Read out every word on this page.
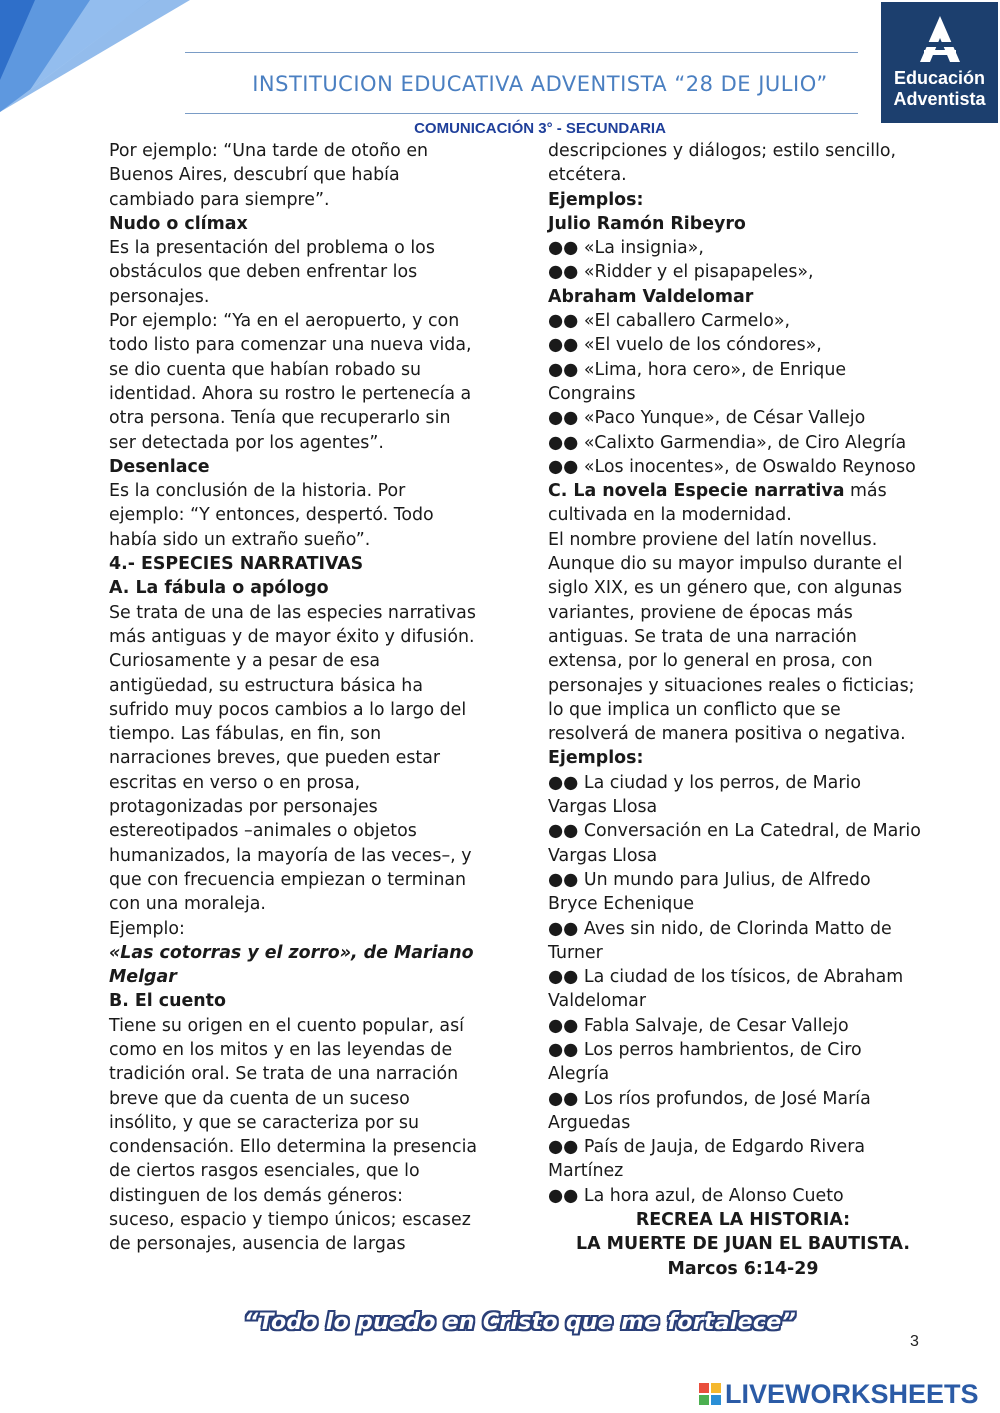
INSTITUCION EDUCATIVA ADVENTISTA “28 DE JULIO”
COMUNICACIÓN 3° - SECUNDARIA
Educación
Adventista

Por ejemplo: “Una tarde de otoño en

Buenos Aires, descubrí que había

cambiado para siempre”.

Nudo o clímax

Es la presentación del problema o los

obstáculos que deben enfrentar los

personajes.

Por ejemplo: “Ya en el aeropuerto, y con

todo listo para comenzar una nueva vida,

se dio cuenta que habían robado su

identidad. Ahora su rostro le pertenecía a

otra persona. Tenía que recuperarlo sin

ser detectada por los agentes”.

Desenlace

Es la conclusión de la historia. Por

ejemplo: “Y entonces, despertó. Todo

había sido un extraño sueño”.

4.- ESPECIES NARRATIVAS

A. La fábula o apólogo

Se trata de una de las especies narrativas

más antiguas y de mayor éxito y difusión.

Curiosamente y a pesar de esa

antigüedad, su estructura básica ha

sufrido muy pocos cambios a lo largo del

tiempo. Las fábulas, en fin, son

narraciones breves, que pueden estar

escritas en verso o en prosa,

protagonizadas por personajes

estereotipados –animales o objetos

humanizados, la mayoría de las veces–, y

que con frecuencia empiezan o terminan

con una moraleja.

Ejemplo:

«Las cotorras y el zorro», de Mariano

Melgar

B. El cuento

Tiene su origen en el cuento popular, así

como en los mitos y en las leyendas de

tradición oral. Se trata de una narración

breve que da cuenta de un suceso

insólito, y que se caracteriza por su

condensación. Ello determina la presencia

de ciertos rasgos esenciales, que lo

distinguen de los demás géneros:

suceso, espacio y tiempo únicos; escasez

de personajes, ausencia de largas

descripciones y diálogos; estilo sencillo,

etcétera.

Ejemplos:

Julio Ramón Ribeyro

●● «La insignia»,

●● «Ridder y el pisapapeles»,

Abraham Valdelomar

●● «El caballero Carmelo»,

●● «El vuelo de los cóndores»,

●● «Lima, hora cero», de Enrique

Congrains

●● «Paco Yunque», de César Vallejo

●● «Calixto Garmendia», de Ciro Alegría

●● «Los inocentes», de Oswaldo Reynoso

C. La novela Especie narrativa más

cultivada en la modernidad.

El nombre proviene del latín novellus.

Aunque dio su mayor impulso durante el

siglo XIX, es un género que, con algunas

variantes, proviene de épocas más

antiguas. Se trata de una narración

extensa, por lo general en prosa, con

personajes y situaciones reales o ficticias;

lo que implica un conflicto que se

resolverá de manera positiva o negativa.

Ejemplos:

●● La ciudad y los perros, de Mario

Vargas Llosa

●● Conversación en La Catedral, de Mario

Vargas Llosa

●● Un mundo para Julius, de Alfredo

Bryce Echenique

●● Aves sin nido, de Clorinda Matto de

Turner

●● La ciudad de los tísicos, de Abraham

Valdelomar

●● Fabla Salvaje, de Cesar Vallejo

●● Los perros hambrientos, de Ciro

Alegría

●● Los ríos profundos, de José María

Arguedas

●● País de Jauja, de Edgardo Rivera

Martínez

●● La hora azul, de Alonso Cueto

RECREA LA HISTORIA:

LA MUERTE DE JUAN EL BAUTISTA.

Marcos 6:14-29

“Todo lo puedo en Cristo que me fortalece”
3
LIVEWORKSHEETS
